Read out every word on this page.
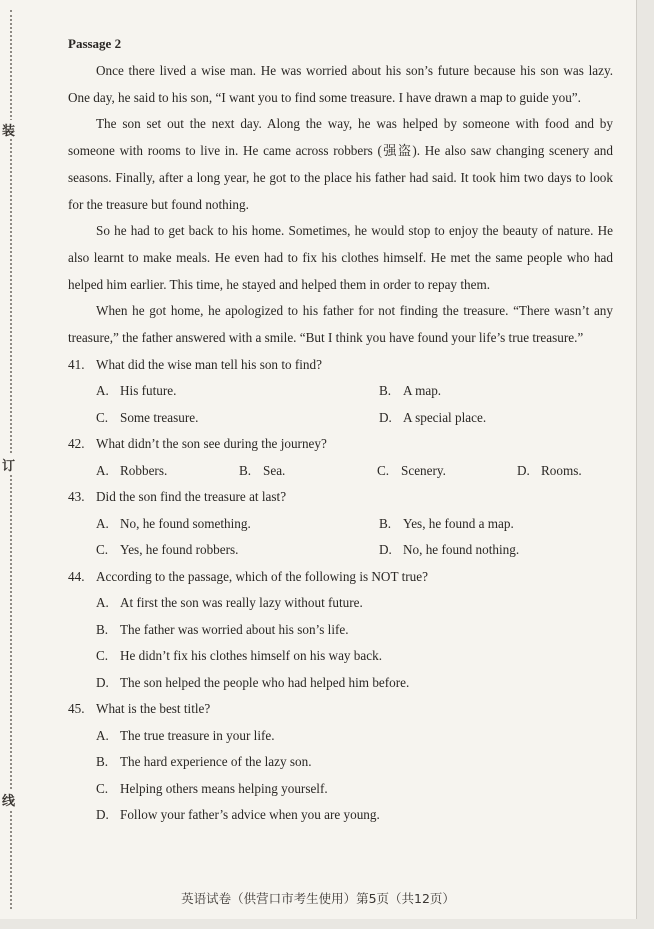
装
订
线

Passage 2

Once there lived a wise man. He was worried about his son’s future because his son was lazy. One day, he said to his son, “I want you to find some treasure. I have drawn a map to guide you”.

The son set out the next day. Along the way, he was helped by someone with food and by someone with rooms to live in. He came across robbers (强盗). He also saw changing scenery and seasons. Finally, after a long year, he got to the place his father had said. It took him two days to look for the treasure but found nothing.

So he had to get back to his home. Sometimes, he would stop to enjoy the beauty of nature. He also learnt to make meals. He even had to fix his clothes himself. He met the same people who had helped him earlier. This time, he stayed and helped them in order to repay them.

When he got home, he apologized to his father for not finding the treasure. “There wasn’t any treasure,” the father answered with a smile. “But I think you have found your life’s true treasure.”

41. What did the wise man tell his son to find?
A. His future.	B. A map.
C. Some treasure.	D. A special place.
42. What didn’t the son see during the journey?
A. Robbers.	B. Sea.	C. Scenery.	D. Rooms.
43. Did the son find the treasure at last?
A. No, he found something.	B. Yes, he found a map.
C. Yes, he found robbers.	D. No, he found nothing.
44. According to the passage, which of the following is NOT true?
A. At first the son was really lazy without future.
B. The father was worried about his son’s life.
C. He didn’t fix his clothes himself on his way back.
D. The son helped the people who had helped him before.
45. What is the best title?
A. The true treasure in your life.
B. The hard experience of the lazy son.
C. Helping others means helping yourself.
D. Follow your father’s advice when you are young.
英语试卷（供营口市考生使用）第5页（共12页）
